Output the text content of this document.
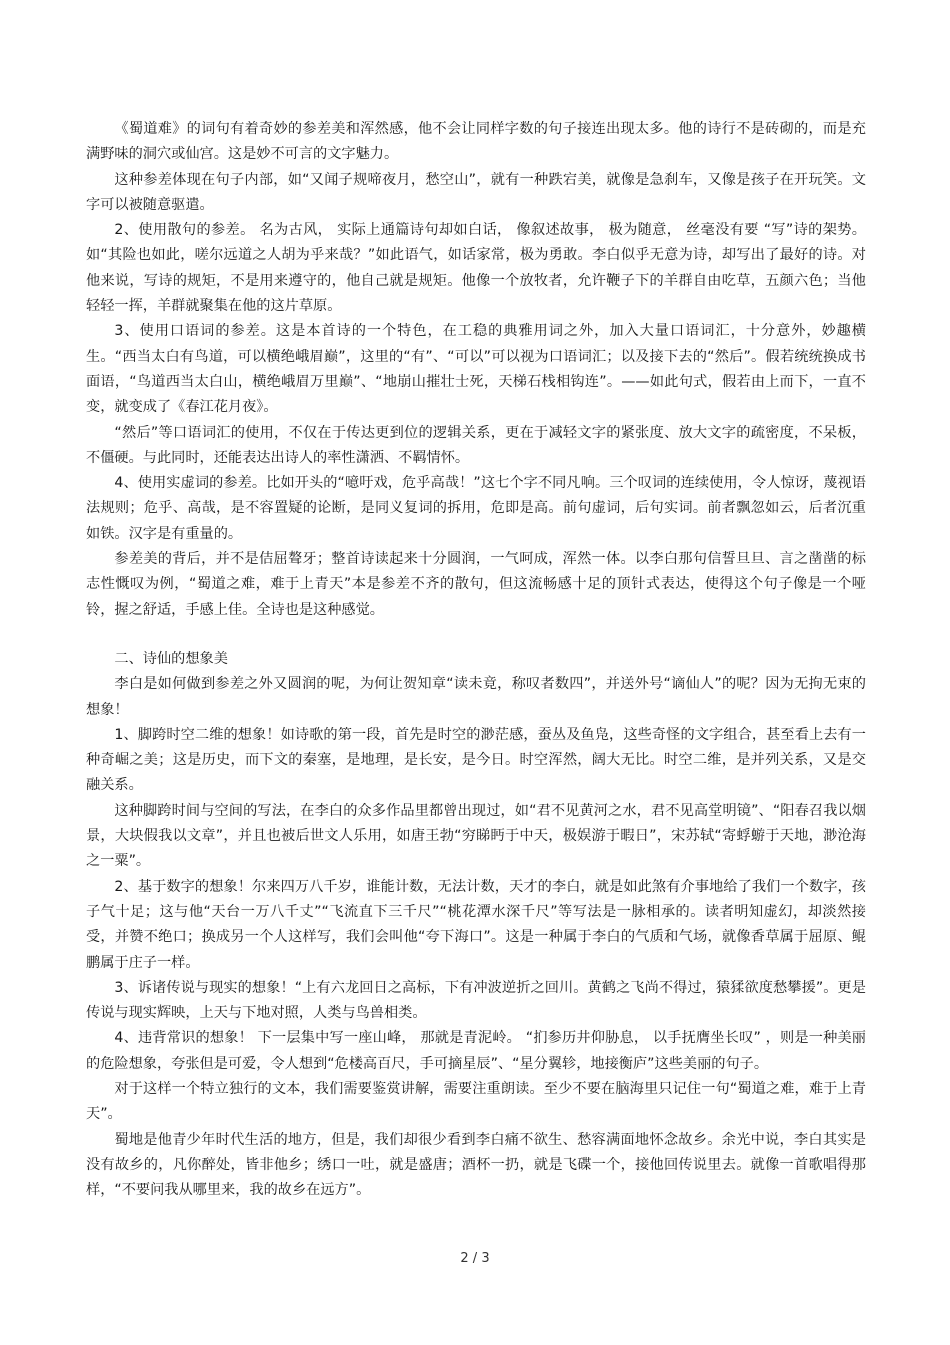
《蜀道难》的词句有着奇妙的参差美和浑然感，他不会让同样字数的句子接连出现太多。他的诗行不是砖砌的，而是充满野味的洞穴或仙宫。这是妙不可言的文字魅力。

这种参差体现在句子内部，如“又闻子规啼夜月，愁空山”，就有一种跌宕美，就像是急刹车，又像是孩子在开玩笑。文字可以被随意驱遣。

2、使用散句的参差。 名为古风， 实际上通篇诗句却如白话， 像叙述故事， 极为随意， 丝毫没有要 “写”诗的架势。如“其险也如此，嗟尔远道之人胡为乎来哉？”如此语气，如话家常，极为勇敢。李白似乎无意为诗，却写出了最好的诗。对他来说，写诗的规矩，不是用来遵守的，他自己就是规矩。他像一个放牧者，允许鞭子下的羊群自由吃草，五颜六色；当他轻轻一挥，羊群就聚集在他的这片草原。

3、使用口语词的参差。这是本首诗的一个特色，在工稳的典雅用词之外，加入大量口语词汇，十分意外，妙趣横生。“西当太白有鸟道，可以横绝峨眉巅”，这里的“有”、“可以”可以视为口语词汇；以及接下去的“然后”。假若统统换成书面语，“鸟道西当太白山，横绝峨眉万里巅”、“地崩山摧壮士死，天梯石栈相钩连”。——如此句式，假若由上而下，一直不变，就变成了《春江花月夜》。

“然后”等口语词汇的使用，不仅在于传达更到位的逻辑关系，更在于减轻文字的紧张度、放大文字的疏密度，不呆板，不僵硬。与此同时，还能表达出诗人的率性潇洒、不羁情怀。

4、使用实虚词的参差。比如开头的“噫吁戏，危乎高哉！”这七个字不同凡响。三个叹词的连续使用，令人惊讶，蔑视语法规则；危乎、高哉，是不容置疑的论断，是同义复词的拆用，危即是高。前句虚词，后句实词。前者飘忽如云，后者沉重如铁。汉字是有重量的。

参差美的背后，并不是佶屈聱牙；整首诗读起来十分圆润，一气呵成，浑然一体。以李白那句信誓旦旦、言之凿凿的标志性慨叹为例，“蜀道之难，难于上青天”本是参差不齐的散句，但这流畅感十足的顶针式表达，使得这个句子像是一个哑铃，握之舒适，手感上佳。全诗也是这种感觉。

二、诗仙的想象美

李白是如何做到参差之外又圆润的呢，为何让贺知章“读未竟，称叹者数四”，并送外号“谪仙人”的呢？因为无拘无束的想象！

1、脚跨时空二维的想象！如诗歌的第一段，首先是时空的渺茫感，蚕丛及鱼凫，这些奇怪的文字组合，甚至看上去有一种奇崛之美；这是历史，而下文的秦塞，是地理，是长安，是今日。时空浑然，阔大无比。时空二维，是并列关系，又是交融关系。

这种脚跨时间与空间的写法，在李白的众多作品里都曾出现过，如“君不见黄河之水，君不见高堂明镜”、“阳春召我以烟景，大块假我以文章”，并且也被后世文人乐用，如唐王勃“穷睇眄于中天，极娱游于暇日”，宋苏轼“寄蜉蝣于天地，渺沧海之一粟”。

2、基于数字的想象！尔来四万八千岁，谁能计数，无法计数，天才的李白，就是如此煞有介事地给了我们一个数字，孩子气十足；这与他“天台一万八千丈”“飞流直下三千尺”“桃花潭水深千尺”等写法是一脉相承的。读者明知虚幻，却淡然接受，并赞不绝口；换成另一个人这样写，我们会叫他“夸下海口”。这是一种属于李白的气质和气场，就像香草属于屈原、鲲鹏属于庄子一样。

3、诉诸传说与现实的想象！“上有六龙回日之高标，下有冲波逆折之回川。黄鹤之飞尚不得过，猿猱欲度愁攀援”。更是传说与现实辉映，上天与下地对照，人类与鸟兽相类。

4、违背常识的想象！ 下一层集中写一座山峰， 那就是青泥岭。 “扪参历井仰胁息， 以手抚膺坐长叹” ，则是一种美丽的危险想象，夸张但是可爱，令人想到“危楼高百尺，手可摘星辰”、“星分翼轸，地接衡庐”这些美丽的句子。

对于这样一个特立独行的文本，我们需要鉴赏讲解，需要注重朗读。至少不要在脑海里只记住一句“蜀道之难，难于上青天”。

蜀地是他青少年时代生活的地方，但是，我们却很少看到李白痛不欲生、愁容满面地怀念故乡。余光中说，李白其实是没有故乡的，凡你醉处，皆非他乡；绣口一吐，就是盛唐；酒杯一扔，就是飞碟一个，接他回传说里去。就像一首歌唱得那样，“不要问我从哪里来，我的故乡在远方”。

2 / 3
